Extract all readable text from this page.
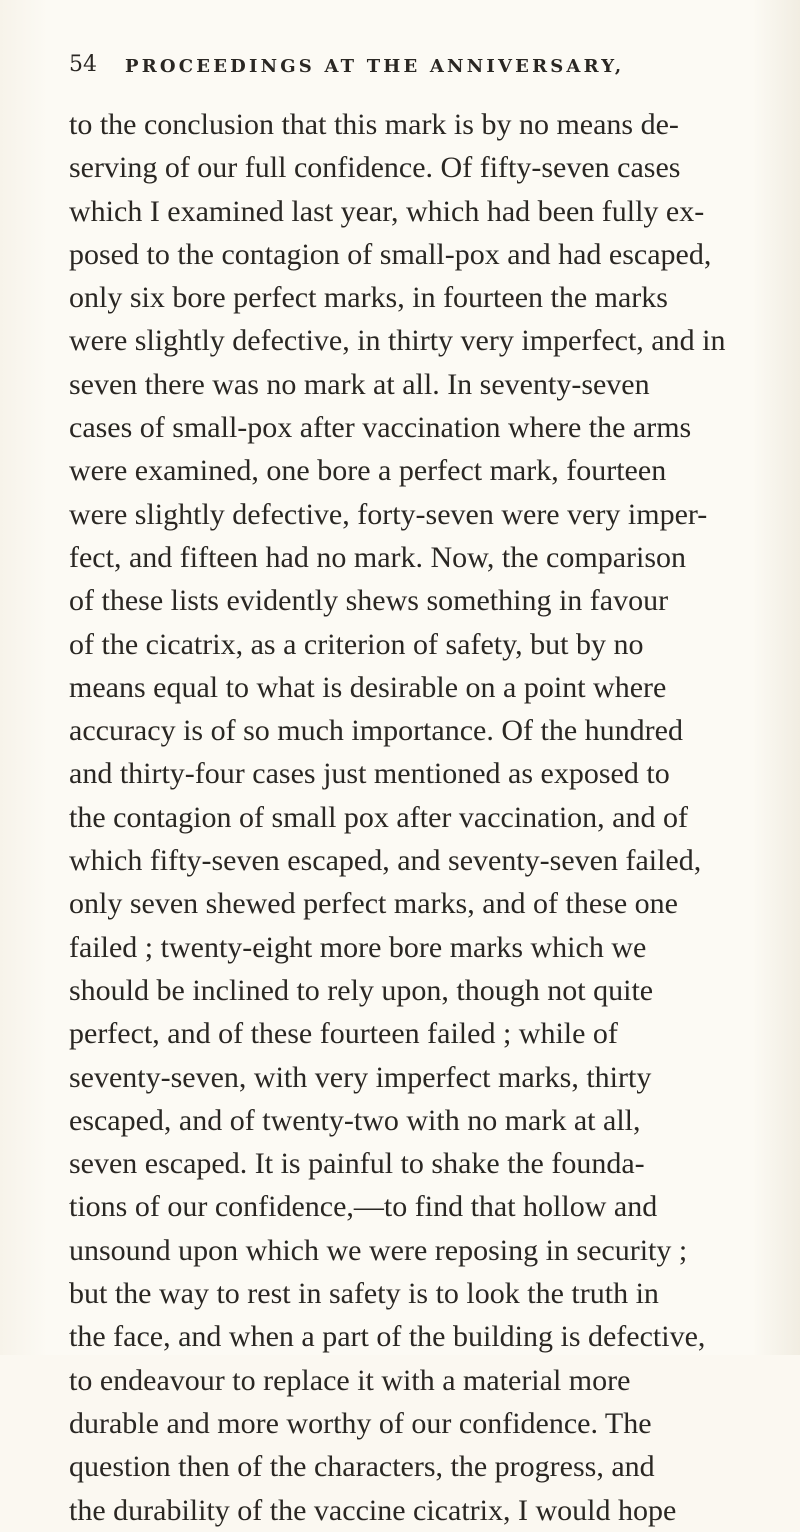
54 PROCEEDINGS AT THE ANNIVERSARY,
to the conclusion that this mark is by no means de-
serving of our full confidence. Of fifty-seven cases
which I examined last year, which had been fully ex-
posed to the contagion of small-pox and had escaped,
only six bore perfect marks, in fourteen the marks
were slightly defective, in thirty very imperfect, and in
seven there was no mark at all. In seventy-seven
cases of small-pox after vaccination where the arms
were examined, one bore a perfect mark, fourteen
were slightly defective, forty-seven were very imper-
fect, and fifteen had no mark. Now, the comparison
of these lists evidently shews something in favour
of the cicatrix, as a criterion of safety, but by no
means equal to what is desirable on a point where
accuracy is of so much importance. Of the hundred
and thirty-four cases just mentioned as exposed to
the contagion of small pox after vaccination, and of
which fifty-seven escaped, and seventy-seven failed,
only seven shewed perfect marks, and of these one
failed ; twenty-eight more bore marks which we
should be inclined to rely upon, though not quite
perfect, and of these fourteen failed ; while of
seventy-seven, with very imperfect marks, thirty
escaped, and of twenty-two with no mark at all,
seven escaped. It is painful to shake the founda-
tions of our confidence,—to find that hollow and
unsound upon which we were reposing in security ;
but the way to rest in safety is to look the truth in
the face, and when a part of the building is defective,
to endeavour to replace it with a material more
durable and more worthy of our confidence. The
question then of the characters, the progress, and
the durability of the vaccine cicatrix, I would hope
